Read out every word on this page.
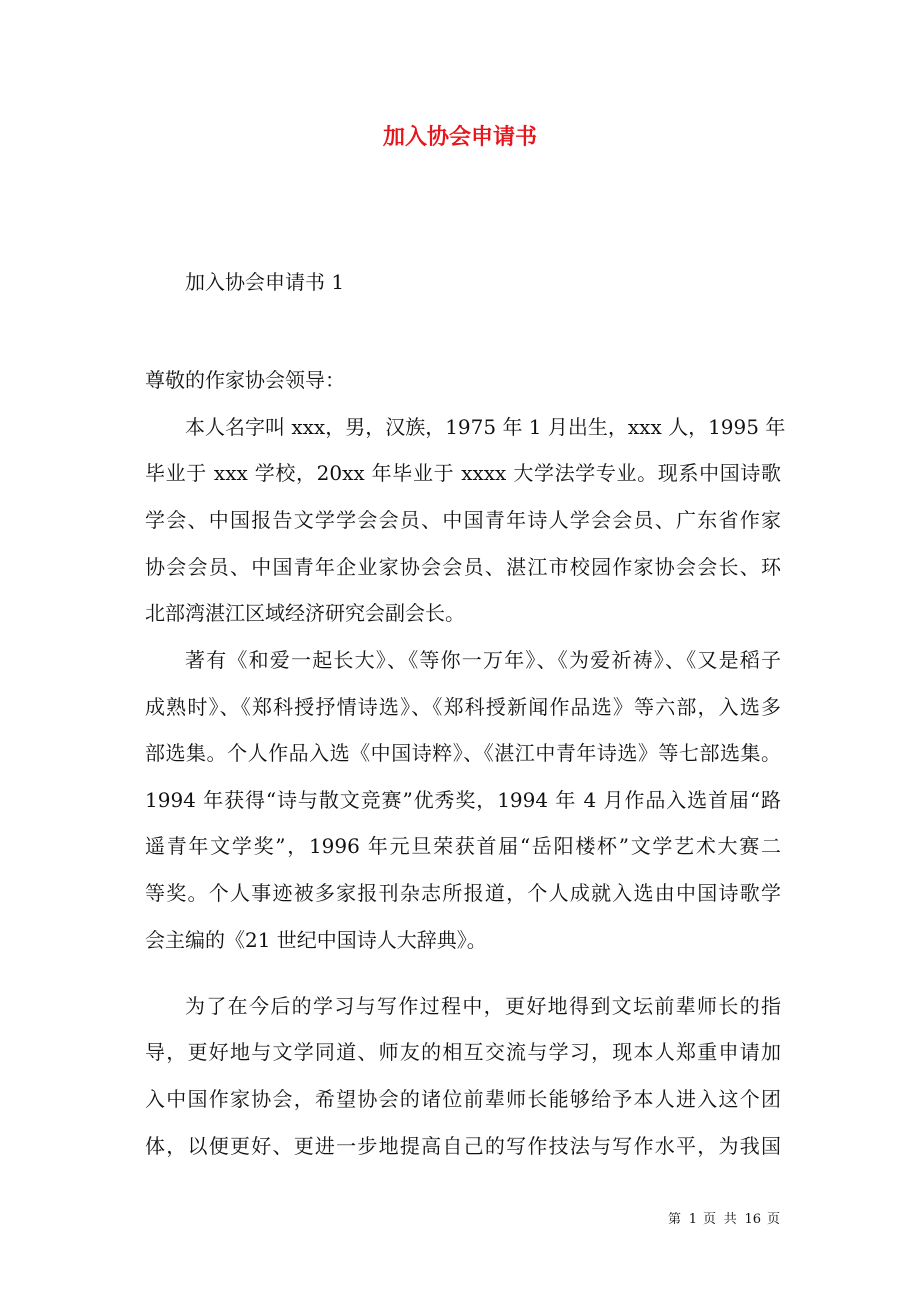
加入协会申请书
加入协会申请书 1
尊敬的作家协会领导：
本人名字叫 xxx，男，汉族，1975 年 1 月出生，xxx 人，1995 年
毕业于 xxx 学校，20xx 年毕业于 xxxx 大学法学专业。现系中国诗歌
学会、中国报告文学学会会员、中国青年诗人学会会员、广东省作家
协会会员、中国青年企业家协会会员、湛江市校园作家协会会长、环
北部湾湛江区域经济研究会副会长。
著有《和爱一起长大》、《等你一万年》、《为爱祈祷》、《又是稻子
成熟时》、《郑科授抒情诗选》、《郑科授新闻作品选》等六部，入选多
部选集。个人作品入选《中国诗粹》、《湛江中青年诗选》等七部选集。
1994 年获得“诗与散文竞赛”优秀奖，1994 年 4 月作品入选首届“路
遥青年文学奖”，1996 年元旦荣获首届“岳阳楼杯”文学艺术大赛二
等奖。个人事迹被多家报刊杂志所报道，个人成就入选由中国诗歌学
会主编的《21 世纪中国诗人大辞典》。
为了在今后的学习与写作过程中，更好地得到文坛前辈师长的指
导，更好地与文学同道、师友的相互交流与学习，现本人郑重申请加
入中国作家协会，希望协会的诸位前辈师长能够给予本人进入这个团
体，以便更好、更进一步地提高自己的写作技法与写作水平，为我国
第 1 页 共 16 页
